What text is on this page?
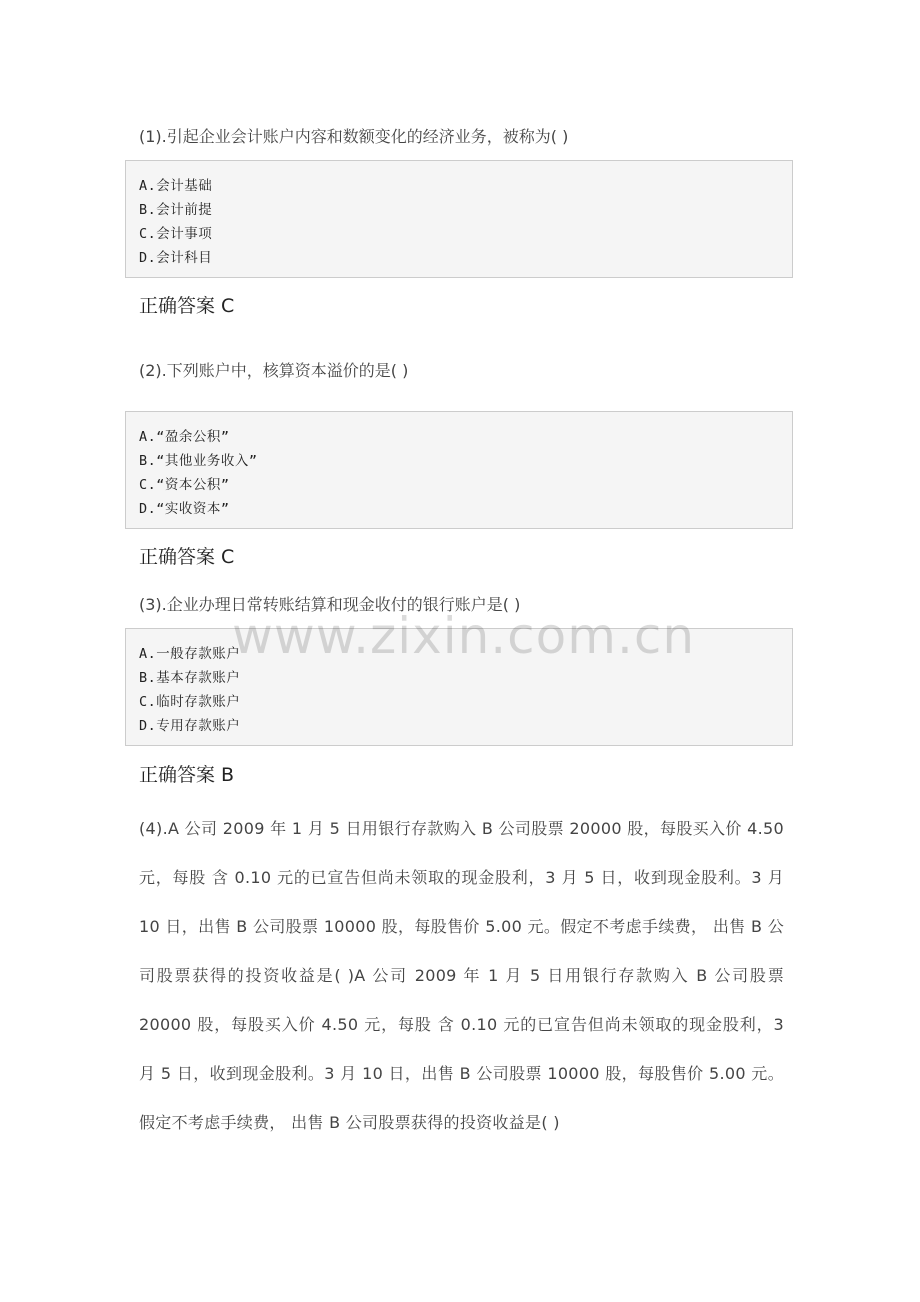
(1).引起企业会计账户内容和数额变化的经济业务，被称为( )
A.会计基础
B.会计前提
C.会计事项
D.会计科目
正确答案 C
(2).下列账户中，核算资本溢价的是( )
A.“盈余公积”
B.“其他业务收入”
C.“资本公积”
D.“实收资本”
正确答案 C
(3).企业办理日常转账结算和现金收付的银行账户是( )
A.一般存款账户
B.基本存款账户
C.临时存款账户
D.专用存款账户
正确答案 B
(4).A 公司 2009 年 1 月 5 日用银行存款购入 B 公司股票 20000 股，每股买入价 4.50 元，每股 含 0.10 元的已宣告但尚未领取的现金股利，3 月 5 日，收到现金股利。3 月 10 日，出售 B 公司股票 10000 股，每股售价 5.00 元。假定不考虑手续费， 出售 B 公司股票获得的投资收益是( )A 公司 2009 年 1 月 5 日用银行存款购入 B 公司股票 20000 股，每股买入价 4.50 元，每股 含 0.10 元的已宣告但尚未领取的现金股利，3 月 5 日，收到现金股利。3 月 10 日，出售 B 公司股票 10000 股，每股售价 5.00 元。假定不考虑手续费， 出售 B 公司股票获得的投资收益是( )
www.zixin.com.cn
